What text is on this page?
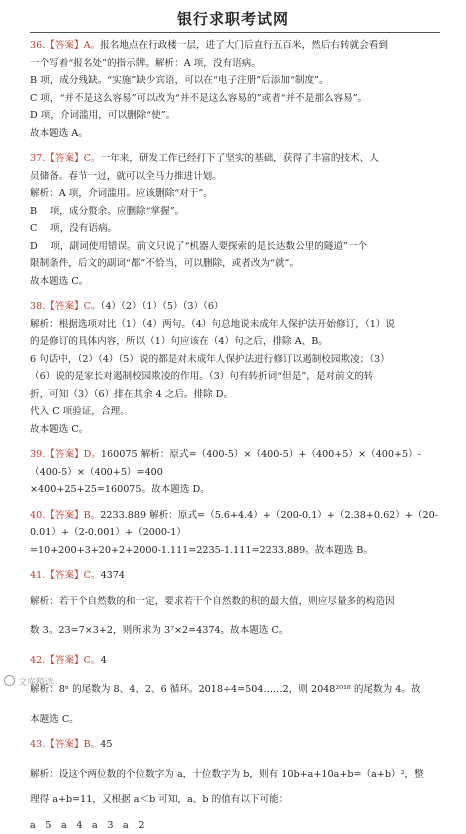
银行求职考试网
36.【答案】A。报名地点在行政楼一层，进了大门后直行五百米，然后右转就会看到
一个写着“报名处”的指示牌。解析：A 项，没有语病。
B 项，成分残缺。“实施”缺少宾语，可以在“电子注册”后添加“制度”。
C 项，“并不是这么容易”可以改为“并不是这么容易的”或者“并不是那么容易”。
D 项，介词滥用，可以删除“使”。
故本题选 A。
37.【答案】C。一年来，研发工作已经打下了坚实的基础，获得了丰富的技术、人
员储备。春节一过，就可以全马力推进计划。
解析：A 项，介词滥用。应该删除“对于”。
B　 项，成分赘余。应删除“掌握”。
C　 项，没有语病。
D　 项，副词使用错误。前文只说了“机器人要探索的是长达数公里的隧道”一个
限制条件，后文的副词“都”不恰当，可以删除，或者改为“就”。
故本题选 C。
38.【答案】C。（4）（2）（1）（5）（3）（6）
解析：根据选项对比（1）（4）两句。（4）句总地说未成年人保护法开始修订，（1）说
的是修订的具体内容，所以（1）句应该在（4）句之后，排除 A、B。
6 句话中，（2）（4）（5）说的都是对未成年人保护法进行修订以遏制校园欺凌；（3）
（6）说的是家长对遏制校园欺凌的作用。（3）句有转折词“但是”，是对前文的转
折，可知（3）（6）排在其余 4 之后。排除 D。
代入 C 项验证，合理。
故本题选 C。
39.【答案】D。160075 解析：原式=（400-5）×（400-5）+（400+5）×（400+5）-
（400-5）×（400+5）=400
×400+25+25=160075。故本题选 D。
40.【答案】B。2233.889 解析：原式=（5.6+4.4）+（200-0.1）+（2.38+0.62）+（20-
0.01）+（2-0.001）+（2000-1）
=10+200+3+20+2+2000-1.111=2235-1.111=2233.889。故本题选 B。
41.【答案】C。4374
解析：若干个自然数的和一定，要求若干个自然数的积的最大值，则应尽量多的构造因
数 3。23=7×3+2，则所求为 3⁷×2=4374。故本题选 C。
42.【答案】C。4
解析：8ⁿ 的尾数为 8、4、2、6 循环。2018÷4=504……2，则 2048²⁰¹⁸ 的尾数为 4。故
本题选 C。
43.【答案】B。45
解析：设这个两位数的个位数字为 a，十位数字为 b，则有 10b+a+10a+b=（a+b）²，整
理得 a+b=11，又根据 a＜b 可知，a、b 的值有以下可能：
a　5　a　4　a　3　a　2
文库精选
